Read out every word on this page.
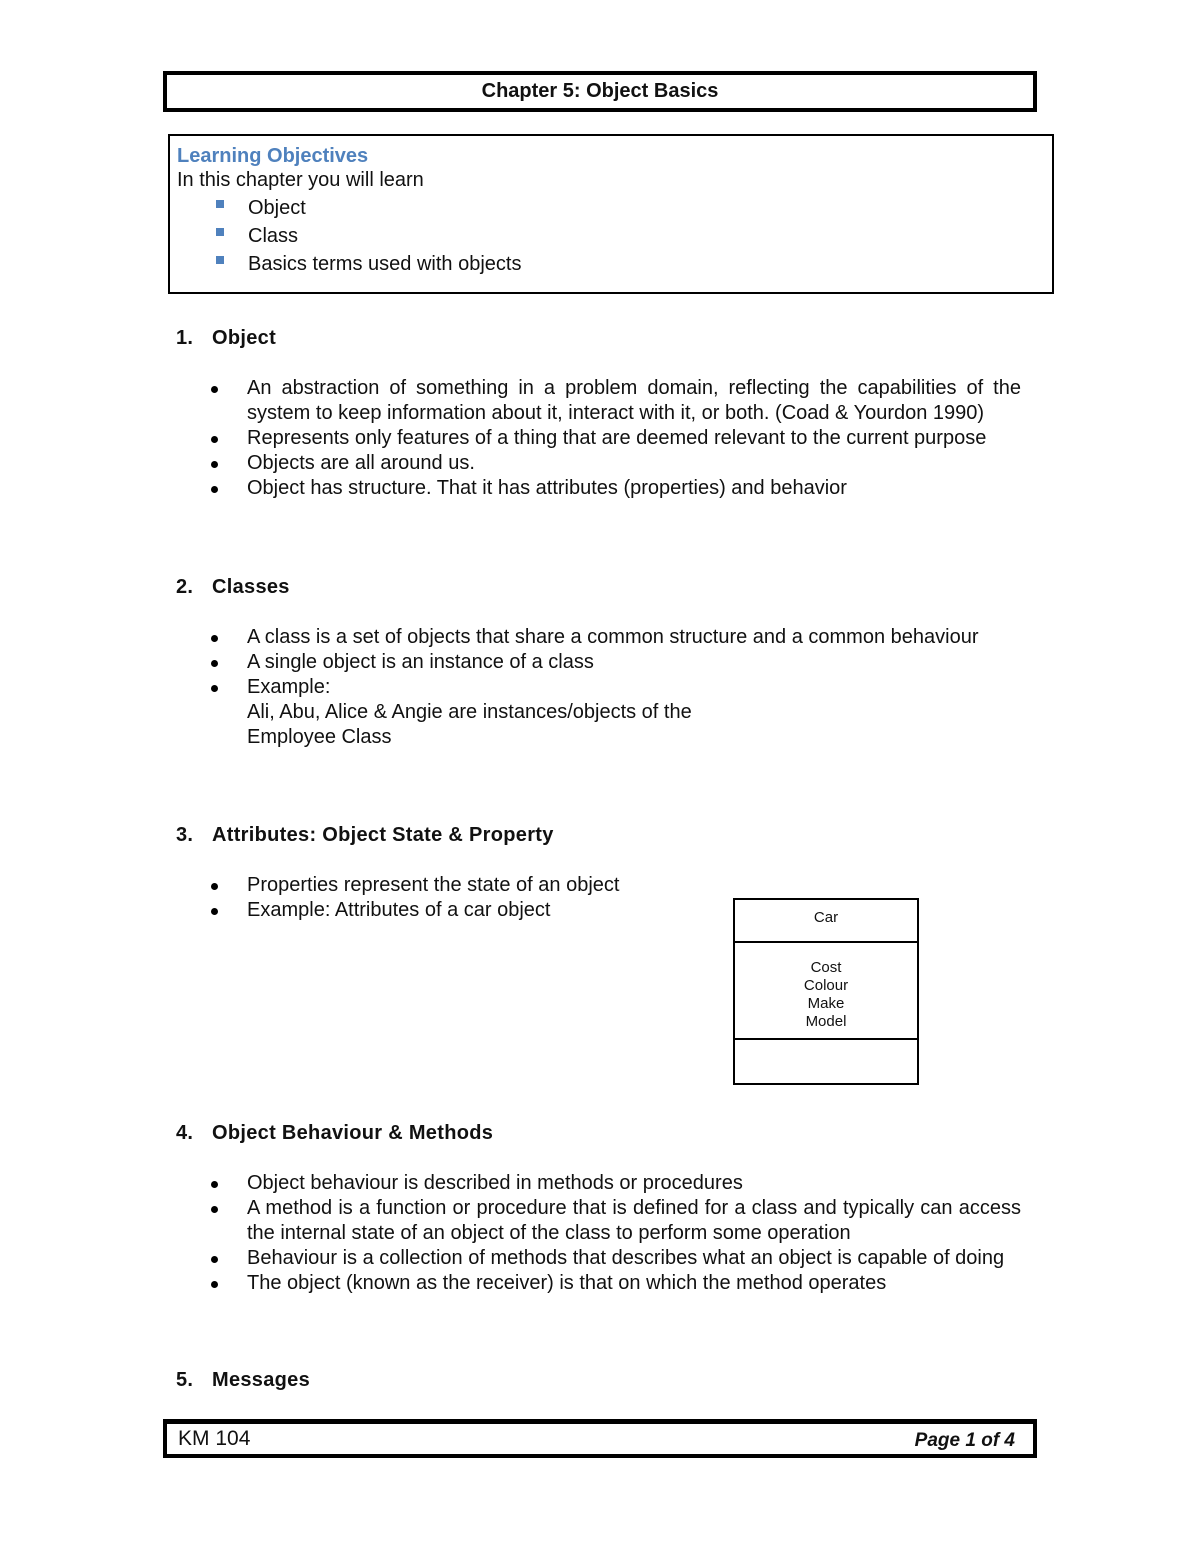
Chapter 5: Object Basics
Learning Objectives
In this chapter you will learn
Object
Class
Basics terms used with objects
1. Object
An abstraction of something in a problem domain, reflecting the capabilities of the system to keep information about it, interact with it, or both. (Coad & Yourdon 1990)
Represents only features of a thing that are deemed relevant to the current purpose
Objects are all around us.
Object has structure. That it has attributes (properties) and behavior
2. Classes
A class is a set of objects that share a common structure and a common behaviour
A single object is an instance of a class
Example:
Ali, Abu, Alice & Angie are instances/objects of the
Employee Class
3. Attributes: Object State & Property
Properties represent the state of an object
Example: Attributes of a car object	Car
Cost
Colour
Make
Model
4. Object Behaviour & Methods
Object behaviour is described in methods or procedures
A method is a function or procedure that is defined for a class and typically can access the internal state of an object of the class to perform some operation
Behaviour is a collection of methods that describes what an object is capable of doing
The object (known as the receiver) is that on which the method operates
5. Messages
KM 104	Page 1 of 4
